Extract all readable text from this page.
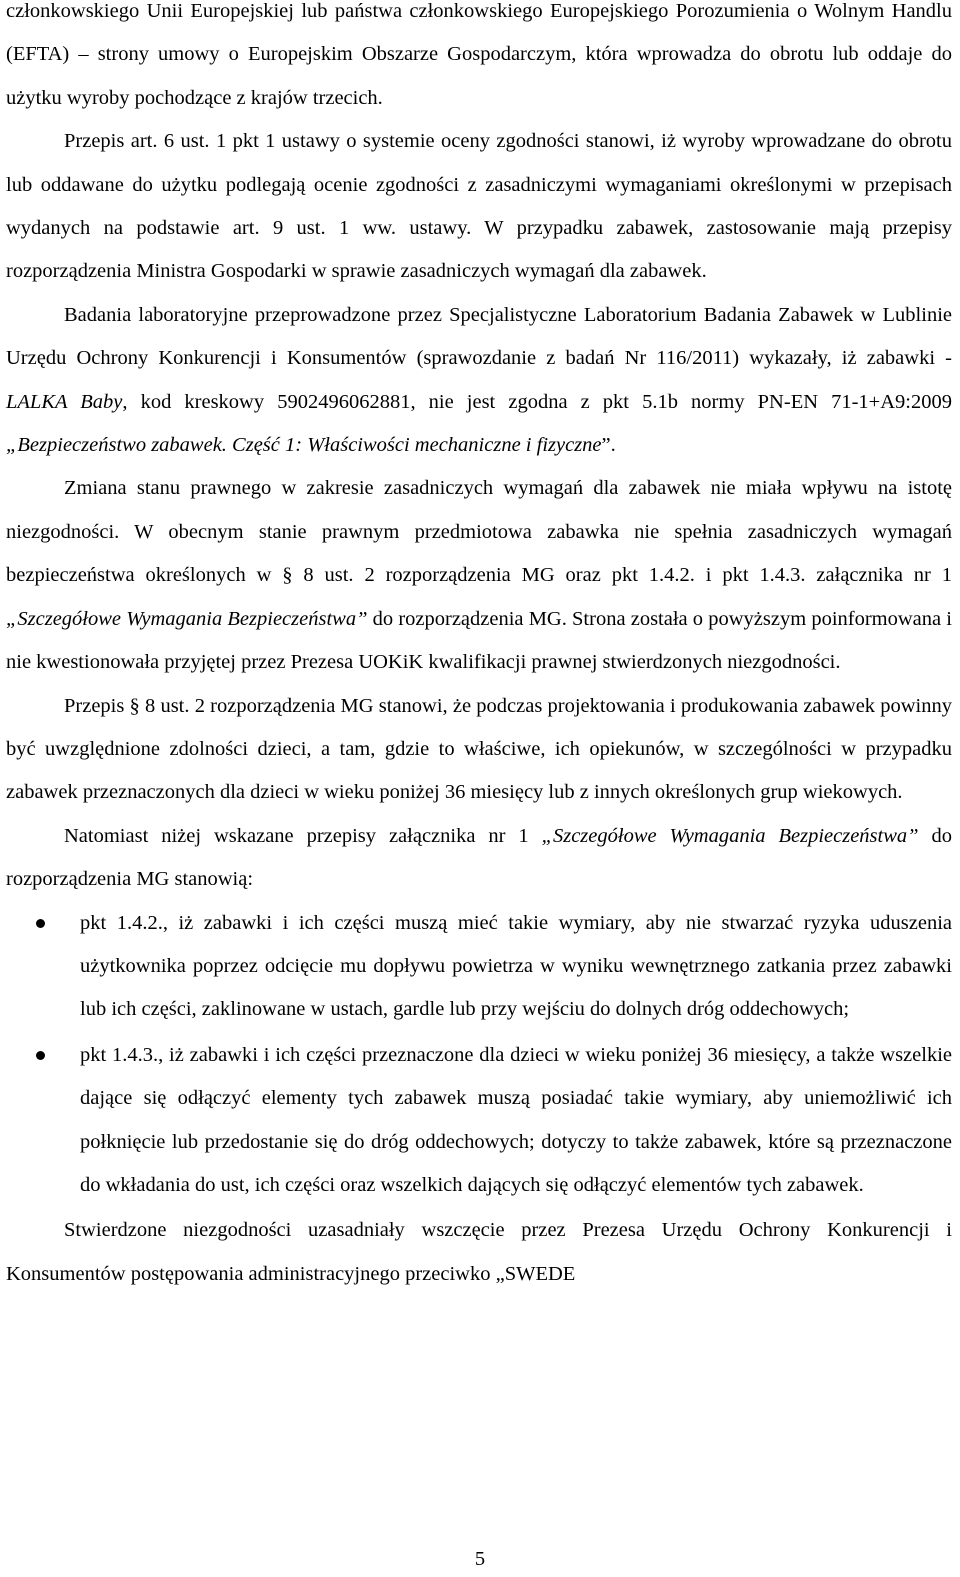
członkowskiego Unii Europejskiej lub państwa członkowskiego Europejskiego Porozumienia o Wolnym Handlu (EFTA) – strony umowy o Europejskim Obszarze Gospodarczym, która wprowadza do obrotu lub oddaje do użytku wyroby pochodzące z krajów trzecich.

Przepis art. 6 ust. 1 pkt 1 ustawy o systemie oceny zgodności stanowi, iż wyroby wprowadzane do obrotu lub oddawane do użytku podlegają ocenie zgodności z zasadniczymi wymaganiami określonymi w przepisach wydanych na podstawie art. 9 ust. 1 ww. ustawy. W przypadku zabawek, zastosowanie mają przepisy rozporządzenia Ministra Gospodarki w sprawie zasadniczych wymagań dla zabawek.

Badania laboratoryjne przeprowadzone przez Specjalistyczne Laboratorium Badania Zabawek w Lublinie Urzędu Ochrony Konkurencji i Konsumentów (sprawozdanie z badań Nr 116/2011) wykazały, iż zabawki - LALKA Baby, kod kreskowy 5902496062881, nie jest zgodna z pkt 5.1b normy PN-EN 71-1+A9:2009 „Bezpieczeństwo zabawek. Część 1: Właściwości mechaniczne i fizyczne”.

Zmiana stanu prawnego w zakresie zasadniczych wymagań dla zabawek nie miała wpływu na istotę niezgodności. W obecnym stanie prawnym przedmiotowa zabawka nie spełnia zasadniczych wymagań bezpieczeństwa określonych w § 8 ust. 2 rozporządzenia MG oraz pkt 1.4.2. i pkt 1.4.3. załącznika nr 1 „Szczegółowe Wymagania Bezpieczeństwa” do rozporządzenia MG. Strona została o powyższym poinformowana i nie kwestionowała przyjętej przez Prezesa UOKiK kwalifikacji prawnej stwierdzonych niezgodności.

Przepis § 8 ust. 2 rozporządzenia MG stanowi, że podczas projektowania i produkowania zabawek powinny być uwzględnione zdolności dzieci, a tam, gdzie to właściwe, ich opiekunów, w szczególności w przypadku zabawek przeznaczonych dla dzieci w wieku poniżej 36 miesięcy lub z innych określonych grup wiekowych.

Natomiast niżej wskazane przepisy załącznika nr 1 „Szczegółowe Wymagania Bezpieczeństwa” do rozporządzenia MG stanowią:

pkt 1.4.2., iż zabawki i ich części muszą mieć takie wymiary, aby nie stwarzać ryzyka uduszenia użytkownika poprzez odcięcie mu dopływu powietrza w wyniku wewnętrznego zatkania przez zabawki lub ich części, zaklinowane w ustach, gardle lub przy wejściu do dolnych dróg oddechowych;
pkt 1.4.3., iż zabawki i ich części przeznaczone dla dzieci w wieku poniżej 36 miesięcy, a także wszelkie dające się odłączyć elementy tych zabawek muszą posiadać takie wymiary, aby uniemożliwić ich połknięcie lub przedostanie się do dróg oddechowych; dotyczy to także zabawek, które są przeznaczone do wkładania do ust, ich części oraz wszelkich dających się odłączyć elementów tych zabawek.

Stwierdzone niezgodności uzasadniały wszczęcie przez Prezesa Urzędu Ochrony Konkurencji i Konsumentów postępowania administracyjnego przeciwko „SWEDE

5
